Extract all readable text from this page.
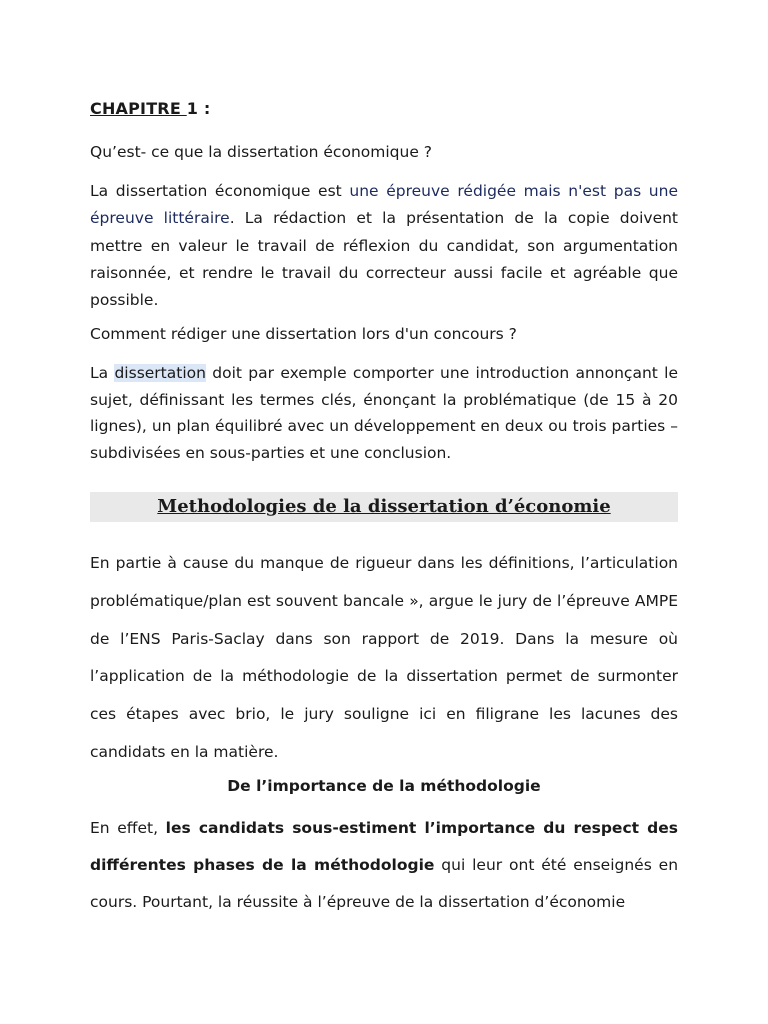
CHAPITRE 1 :
Qu’est- ce que la dissertation économique ?
La dissertation économique est une épreuve rédigée mais n'est pas une épreuve littéraire. La rédaction et la présentation de la copie doivent mettre en valeur le travail de réflexion du candidat, son argumentation raisonnée, et rendre le travail du correcteur aussi facile et agréable que possible.
Comment rédiger une dissertation lors d'un concours ?
La dissertation doit par exemple comporter une introduction annonçant le sujet, définissant les termes clés, énonçant la problématique (de 15 à 20 lignes), un plan équilibré avec un développement en deux ou trois parties – subdivisées en sous-parties et une conclusion.
Methodologies de la dissertation d’économie
En partie à cause du manque de rigueur dans les définitions, l’articulation problématique/plan est souvent bancale », argue le jury de l’épreuve AMPE de l’ENS Paris-Saclay dans son rapport de 2019. Dans la mesure où l’application de la méthodologie de la dissertation permet de surmonter ces étapes avec brio, le jury souligne ici en filigrane les lacunes des candidats en la matière.
De l’importance de la méthodologie
En effet, les candidats sous-estiment l’importance du respect des différentes phases de la méthodologie qui leur ont été enseignés en cours. Pourtant, la réussite à l’épreuve de la dissertation d’économie
